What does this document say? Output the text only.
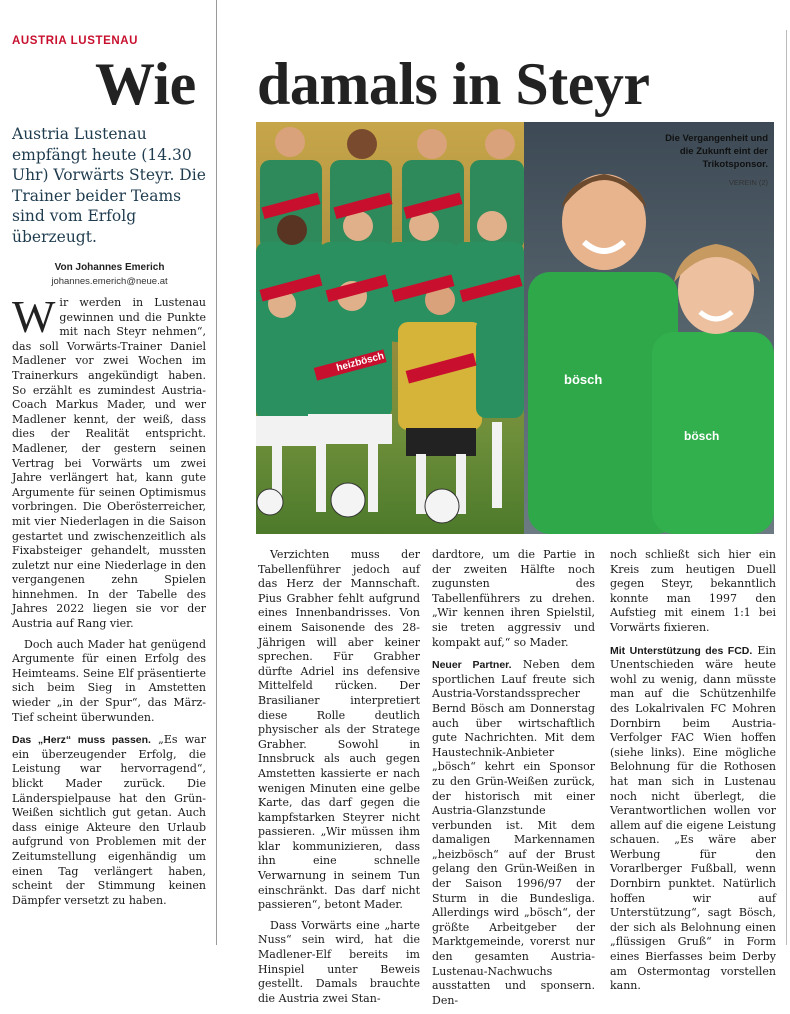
AUSTRIA LUSTENAU
Wie damals in Steyr
Austria Lustenau empfängt heute (14.30 Uhr) Vorwärts Steyr. Die Trainer beider Teams sind vom Erfolg überzeugt.
Von Johannes Emerich
johannes.emerich@neue.at

Wir werden in Lustenau gewinnen und die Punkte mit nach Steyr nehmen“, das soll Vorwärts-Trainer Daniel Madlener vor zwei Wochen im Trainerkurs angekündigt haben. So erzählt es zumindest Austria-Coach Markus Mader, und wer Madlener kennt, der weiß, dass dies der Realität entspricht. Madlener, der gestern seinen Vertrag bei Vorwärts um zwei Jahre verlängert hat, kann gute Argumente für seinen Optimismus vorbringen. Die Oberösterreicher, mit vier Niederlagen in die Saison gestartet und zwischenzeitlich als Fixabsteiger gehandelt, mussten zuletzt nur eine Niederlage in den vergangenen zehn Spielen hinnehmen. In der Tabelle des Jahres 2022 liegen sie vor der Austria auf Rang vier.

Doch auch Mader hat genügend Argumente für einen Erfolg des Heimteams. Seine Elf präsentierte sich beim Sieg in Amstetten wieder „in der Spur“, das März-Tief scheint überwunden.

Das „Herz“ muss passen. „Es war ein überzeugender Erfolg, die Leistung war hervorragend“, blickt Mader zurück. Die Länderspielpause hat den Grün-Weißen sichtlich gut getan. Auch dass einige Akteure den Urlaub aufgrund von Problemen mit der Zeitumstellung eigenhändig um einen Tag verlängert haben, scheint der Stimmung keinen Dämpfer versetzt zu haben.

heizbösch
bösch
bösch
Die Vergangenheit und die Zukunft eint der Trikotsponsor.
VEREIN (2)

Verzichten muss der Tabellenführer jedoch auf das Herz der Mannschaft. Pius Grabher fehlt aufgrund eines Innenbandrisses. Von einem Saisonende des 28-Jährigen will aber keiner sprechen. Für Grabher dürfte Adriel ins defensive Mittelfeld rücken. Der Brasilianer interpretiert diese Rolle deutlich physischer als der Stratege Grabher. Sowohl in Innsbruck als auch gegen Amstetten kassierte er nach wenigen Minuten eine gelbe Karte, das darf gegen die kampfstarken Steyrer nicht passieren. „Wir müssen ihm klar kommunizieren, dass ihn eine schnelle Verwarnung in seinem Tun einschränkt. Das darf nicht passieren“, betont Mader.

Dass Vorwärts eine „harte Nuss“ sein wird, hat die Madlener-Elf bereits im Hinspiel unter Beweis gestellt. Damals brauchte die Austria zwei Stan-

dardtore, um die Partie in der zweiten Hälfte noch zugunsten des Tabellenführers zu drehen. „Wir kennen ihren Spielstil, sie treten aggressiv und kompakt auf,“ so Mader.

Neuer Partner. Neben dem sportlichen Lauf freute sich Austria-Vorstandssprecher Bernd Bösch am Donnerstag auch über wirtschaftlich gute Nachrichten. Mit dem Haustechnik-Anbieter „bösch“ kehrt ein Sponsor zu den Grün-Weißen zurück, der historisch mit einer Austria-Glanzstunde verbunden ist. Mit dem damaligen Markennamen „heizbösch“ auf der Brust gelang den Grün-Weißen in der Saison 1996/97 der Sturm in die Bundesliga. Allerdings wird „bösch“, der größte Arbeitgeber der Marktgemeinde, vorerst nur den gesamten Austria-Lustenau-Nachwuchs ausstatten und sponsern. Den-

noch schließt sich hier ein Kreis zum heutigen Duell gegen Steyr, bekanntlich konnte man 1997 den Aufstieg mit einem 1:1 bei Vorwärts fixieren.

Mit Unterstützung des FCD. Ein Unentschieden wäre heute wohl zu wenig, dann müsste man auf die Schützenhilfe des Lokalrivalen FC Mohren Dornbirn beim Austria-Verfolger FAC Wien hoffen (siehe links). Eine mögliche Belohnung für die Rothosen hat man sich in Lustenau noch nicht überlegt, die Verantwortlichen wollen vor allem auf die eigene Leistung schauen. „Es wäre aber Werbung für den Vorarlberger Fußball, wenn Dornbirn punktet. Natürlich hoffen wir auf Unterstützung“, sagt Bösch, der sich als Belohnung einen „flüssigen Gruß“ in Form eines Bierfasses beim Derby am Ostermontag vorstellen kann.
